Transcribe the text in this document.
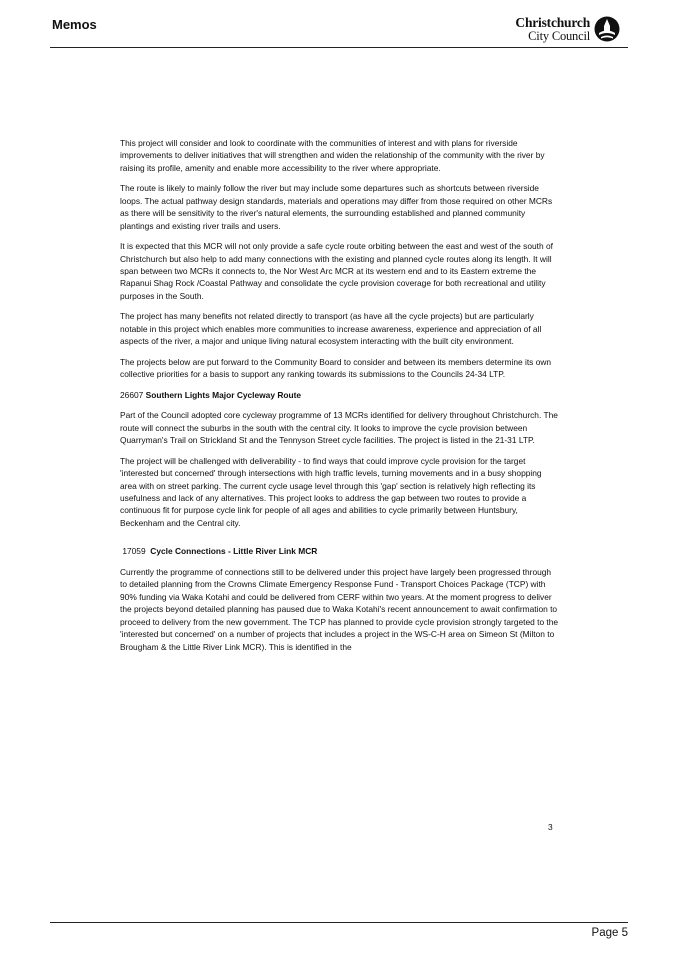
Memos	Christchurch
City Council

This project will consider and look to coordinate with the communities of interest and with plans for riverside improvements to deliver initiatives that will strengthen and widen the relationship of the community with the river by raising its profile, amenity and enable more accessibility to the river where appropriate.

The route is likely to mainly follow the river but may include some departures such as shortcuts between riverside loops. The actual pathway design standards, materials and operations may differ from those required on other MCRs as there will be sensitivity to the river's natural elements, the surrounding established and planned community plantings and existing river trails and users.

It is expected that this MCR will not only provide a safe cycle route orbiting between the east and west of the south of Christchurch but also help to add many connections with the existing and planned cycle routes along its length. It will span between two MCRs it connects to, the Nor West Arc MCR at its western end and to its Eastern extreme the Rapanui Shag Rock /Coastal Pathway and consolidate the cycle provision coverage for both recreational and utility purposes in the South.

The project has many benefits not related directly to transport (as have all the cycle projects) but are particularly notable in this project which enables more communities to increase awareness, experience and appreciation of all aspects of the river, a major and unique living natural ecosystem interacting with the built city environment.

The projects below are put forward to the Community Board to consider and between its members determine its own collective priorities for a basis to support any ranking towards its submissions to the Councils 24-34 LTP.

26607 Southern Lights Major Cycleway Route

Part of the Council adopted core cycleway programme of 13 MCRs identified for delivery throughout Christchurch. The route will connect the suburbs in the south with the central city. It looks to improve the cycle provision between Quarryman's Trail on Strickland St and the Tennyson Street cycle facilities. The project is listed in the 21-31 LTP.

The project will be challenged with deliverability - to find ways that could improve cycle provision for the target 'interested but concerned' through intersections with high traffic levels, turning movements and in a busy shopping area with on street parking. The current cycle usage level through this 'gap' section is relatively high reflecting its usefulness and lack of any alternatives. This project looks to address the gap between two routes to provide a continuous fit for purpose cycle link for people of all ages and abilities to cycle primarily between Huntsbury, Beckenham and the Central city.

17059 Cycle Connections - Little River Link MCR

Currently the programme of connections still to be delivered under this project have largely been progressed through to detailed planning from the Crowns Climate Emergency Response Fund - Transport Choices Package (TCP) with 90% funding via Waka Kotahi and could be delivered from CERF within two years. At the moment progress to deliver the projects beyond detailed planning has paused due to Waka Kotahi's recent announcement to await confirmation to proceed to delivery from the new government. The TCP has planned to provide cycle provision strongly targeted to the 'interested but concerned' on a number of projects that includes a project in the WS-C-H area on Simeon St (Milton to Brougham & the Little River Link MCR). This is identified in the

3
Page 5
